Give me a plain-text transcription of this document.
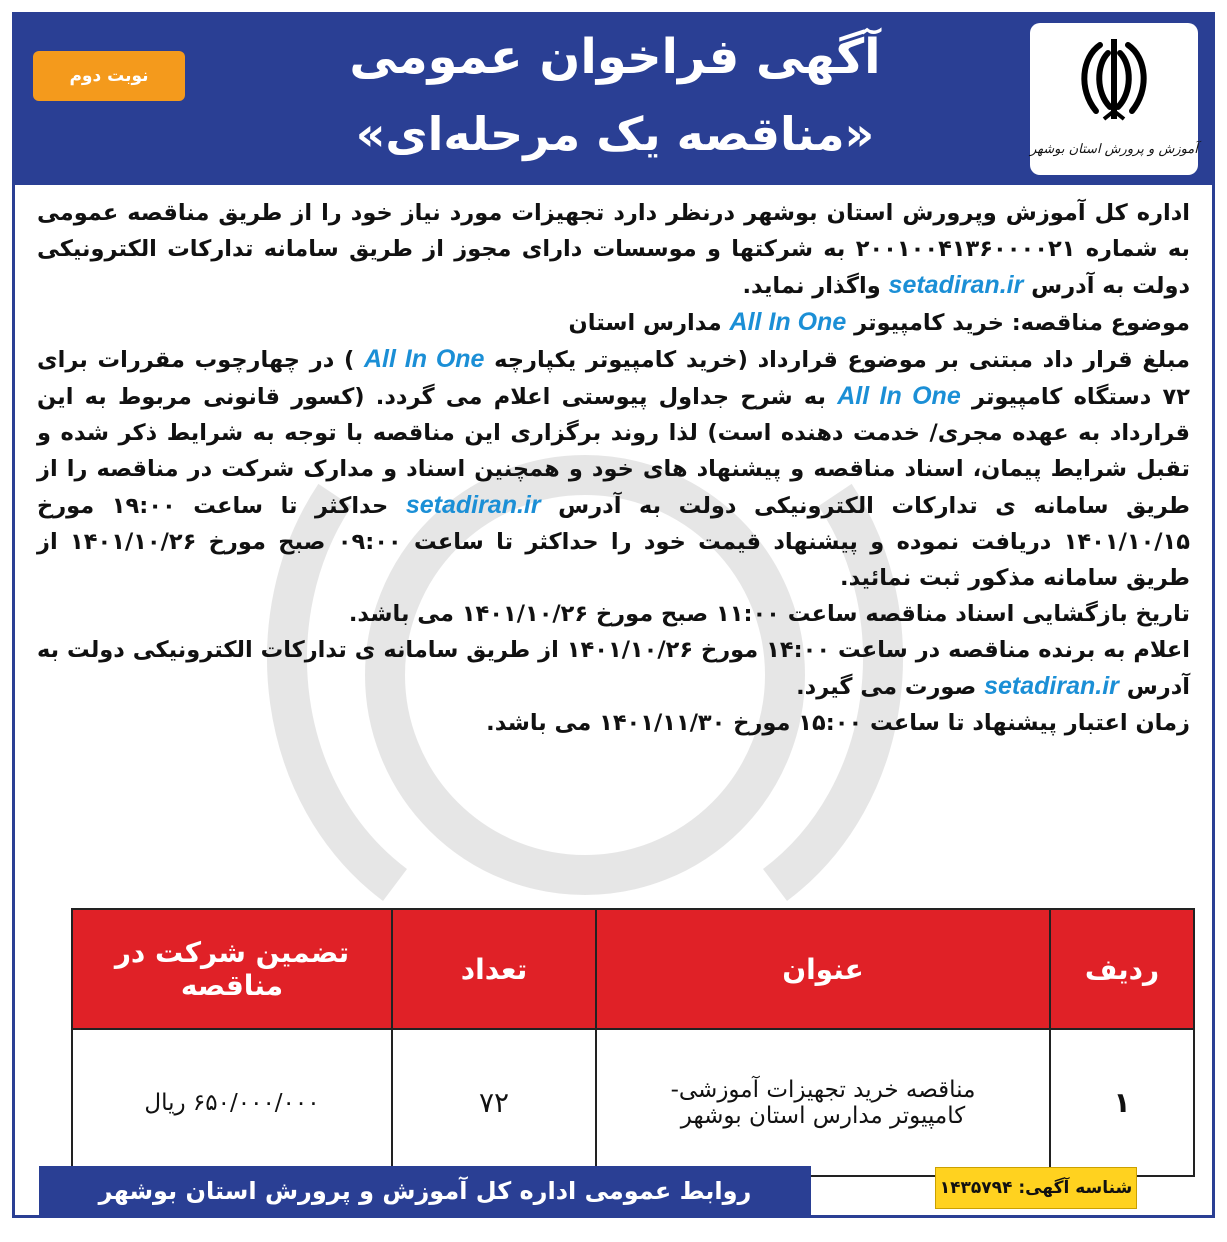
آموزش و پرورش استان بوشهر
آگهی فراخوان عمومی
«مناقصه یک مرحله‌ای»
نوبت دوم

اداره کل آموزش وپرورش استان بوشهر درنظر دارد تجهیزات مورد نیاز خود را از طریق مناقصه عمومی به شماره ۲۰۰۱۰۰۴۱۳۶۰۰۰۰۲۱ به شرکتها و موسسات دارای مجوز از طریق سامانه تدارکات الکترونیکی دولت به آدرس setadiran.ir واگذار نماید.

موضوع مناقصه: خرید کامپیوتر All In One مدارس استان

مبلغ قرار داد مبتنی بر موضوع قرارداد (خرید کامپیوتر یکپارچه All In One ) در چهارچوب مقررات برای ۷۲ دستگاه کامپیوتر All In One به شرح جداول پیوستی اعلام می گردد. (کسور قانونی مربوط به این قرارداد به عهده مجری/ خدمت دهنده است) لذا روند برگزاری این مناقصه با توجه به شرایط ذکر شده و تقبل شرایط پیمان، اسناد مناقصه و پیشنهاد های خود و همچنین اسناد و مدارک شرکت در مناقصه را از طریق سامانه ی تدارکات الکترونیکی دولت به آدرس setadiran.ir حداکثر تا ساعت ۱۹:۰۰ مورخ ۱۴۰۱/۱۰/۱۵ دریافت نموده و پیشنهاد قیمت خود را حداکثر تا ساعت ۰۹:۰۰ صبح مورخ ۱۴۰۱/۱۰/۲۶ از طریق سامانه مذکور ثبت نمائید.

تاریخ بازگشایی اسناد مناقصه ساعت ۱۱:۰۰ صبح مورخ ۱۴۰۱/۱۰/۲۶ می باشد.

اعلام به برنده مناقصه در ساعت ۱۴:۰۰ مورخ ۱۴۰۱/۱۰/۲۶ از طریق سامانه ی تدارکات الکترونیکی دولت به آدرس setadiran.ir صورت می گیرد.

زمان اعتبار پیشنهاد تا ساعت ۱۵:۰۰ مورخ ۱۴۰۱/۱۱/۳۰ می باشد.

ردیف	عنوان	تعداد	تضمین شرکت در مناقصه
۱	مناقصه خرید تجهیزات آموزشی- کامپیوتر مدارس استان بوشهر	۷۲	۶۵۰/۰۰۰/۰۰۰ ریال
روابط عمومی اداره کل آموزش و پرورش استان بوشهر	شناسه آگهی:
۱۴۳۵۷۹۴
